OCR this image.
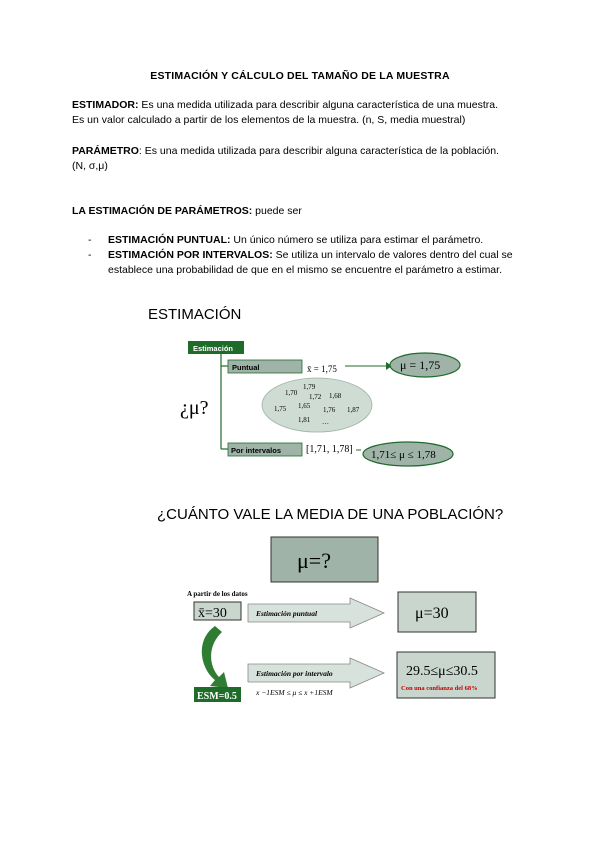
ESTIMACIÓN Y CÁLCULO DEL TAMAÑO DE LA MUESTRA
ESTIMADOR: Es una medida utilizada para describir alguna característica de una muestra.
Es un valor calculado a partir de los elementos de la muestra. (n, S, media muestral)
PARÁMETRO: Es una medida utilizada para describir alguna característica de la población.
(N, σ,μ)
LA ESTIMACIÓN DE PARÁMETROS: puede ser
- ESTIMACIÓN PUNTUAL: Un único número se utiliza para estimar el parámetro.
- ESTIMACIÓN POR INTERVALOS: Se utiliza un intervalo de valores dentro del cual se establece una probabilidad de que en el mismo se encuentre el parámetro a estimar.
ESTIMACIÓN
Estimación
¿μ?
Puntual	x̄ = 1,75	μ = 1,75
1,70
1,79
1,72 1,68
1,75 1,65 1,76 1,87
1,81 …
Por intervalos [1,71, 1,78] 1,71≤ μ ≤ 1,78
¿CUÁNTO VALE LA MEDIA DE UNA POBLACIÓN?
μ=?
A partir de los datos
x̄=30	Estimación puntual	μ=30
ESM=0.5
Estimación por intervalo
x −1ESM ≤ μ ≤ x +1ESM
29.5≤μ≤30.5
Con una confianza del 68%
